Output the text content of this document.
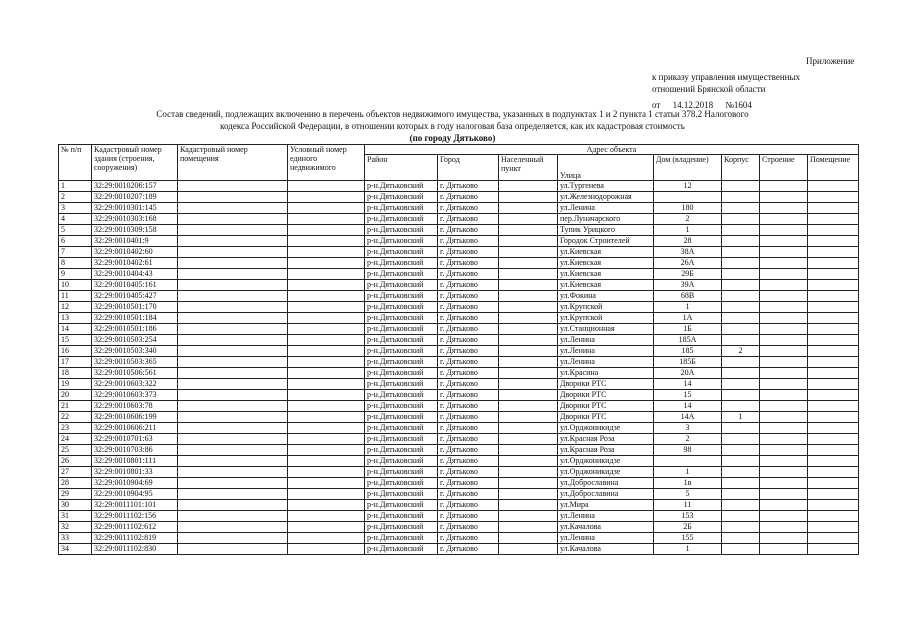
Приложение
к приказу управления имущественных
отношений Брянской области
от 14.12.2018 №1604
Состав сведений, подлежащих включению в перечень объектов недвижимого имущества, указанных в подпунктах 1 и 2 пункта 1 статьи 378.2 Налогового
кодекса Российской Федерации, в отношении которых в году налоговая база определяется, как их кадастровая стоимость
(по городу Дятьково)
№ п/п	Кадастровый номер здания (строения, сооружения)	Кадастровый номер помещения	Условный номер единого недвижимого	Адрес объекта							
				Район	Город	Населенный пункт	Улица	Дом (владение)	Корпус	Строение	Помещение
1	32:29:0010206:157			р-н.Дятьковский	г. Дятьково		ул.Тургенева	12			
2	32:29:0010207:189			р-н.Дятьковский	г. Дятьково		ул.Железнодорожная				
3	32:29:0010301:145			р-н.Дятьковский	г. Дятьково		ул.Ленина	180			
4	32:29:0010303:168			р-н.Дятьковский	г. Дятьково		пер.Луначарского	2			
5	32:29:0010309:158			р-н.Дятьковский	г. Дятьково		Тупик Урицкого	1			
6	32:29:0010401:9			р-н.Дятьковский	г. Дятьково		Городок Строителей	28			
7	32:29:0010402:60			р-н.Дятьковский	г. Дятьково		ул.Киевская	38А			
8	32:29:0010402:61			р-н.Дятьковский	г. Дятьково		ул.Киевская	26А			
9	32:29:0010404:43			р-н.Дятьковский	г. Дятьково		ул.Киевская	29Б			
10	32:29:0010405:161			р-н.Дятьковский	г. Дятьково		ул.Киевская	39А			
11	32:29:0010405:427			р-н.Дятьковский	г. Дятьково		ул.Фокина	68В			
12	32:29:0010501:170			р-н.Дятьковский	г. Дятьково		ул.Крупской	1			
13	32:29:0010501:184			р-н.Дятьковский	г. Дятьково		ул.Крупской	1А			
14	32:29:0010501:186			р-н.Дятьковский	г. Дятьково		ул.Станционная	1Б			
15	32:29:0010503:254			р-н.Дятьковский	г. Дятьково		ул.Ленина	185А			
16	32:29:0010503:340			р-н.Дятьковский	г. Дятьково		ул.Ленина	185	2		
17	32:29:0010503:365			р-н.Дятьковский	г. Дятьково		ул.Ленина	185Б			
18	32:29:0010506:561			р-н.Дятьковский	г. Дятьково		ул.Красина	20А			
19	32:29:0010603:322			р-н.Дятьковский	г. Дятьково		Дворики РТС	14			
20	32:29:0010603:373			р-н.Дятьковский	г. Дятьково		Дворики РТС	15			
21	32:29:0010603:78			р-н.Дятьковский	г. Дятьково		Дворики РТС	14			
22	32:29:0010606:199			р-н.Дятьковский	г. Дятьково		Дворики РТС	14А	1		
23	32:29:0010606:211			р-н.Дятьковский	г. Дятьково		ул.Орджоникидзе	3			
24	32:29:0010701:63			р-н.Дятьковский	г. Дятьково		ул.Красная Роза	2			
25	32:29:0010703:86			р-н.Дятьковский	г. Дятьково		ул.Красная Роза	98			
26	32:29:0010801:111			р-н.Дятьковский	г. Дятьково		ул.Орджоникидзе				
27	32:29:0010801:33			р-н.Дятьковский	г. Дятьково		ул.Орджоникидзе	1			
28	32:29:0010904:69			р-н.Дятьковский	г. Дятьково		ул.Доброславина	1в			
29	32:29:0010904:95			р-н.Дятьковский	г. Дятьково		ул.Доброславина	5			
30	32:29:0011101:101			р-н.Дятьковский	г. Дятьково		ул.Мира	11			
31	32:29:0011102:156			р-н.Дятьковский	г. Дятьково		ул.Ленина	153			
32	32:29:0011102:612			р-н.Дятьковский	г. Дятьково		ул.Качалова	2Б			
33	32:29:0011102:819			р-н.Дятьковский	г. Дятьково		ул.Ленина	155			
34	32:29:0011102:830			р-н.Дятьковский	г. Дятьково		ул.Качалова	1			
